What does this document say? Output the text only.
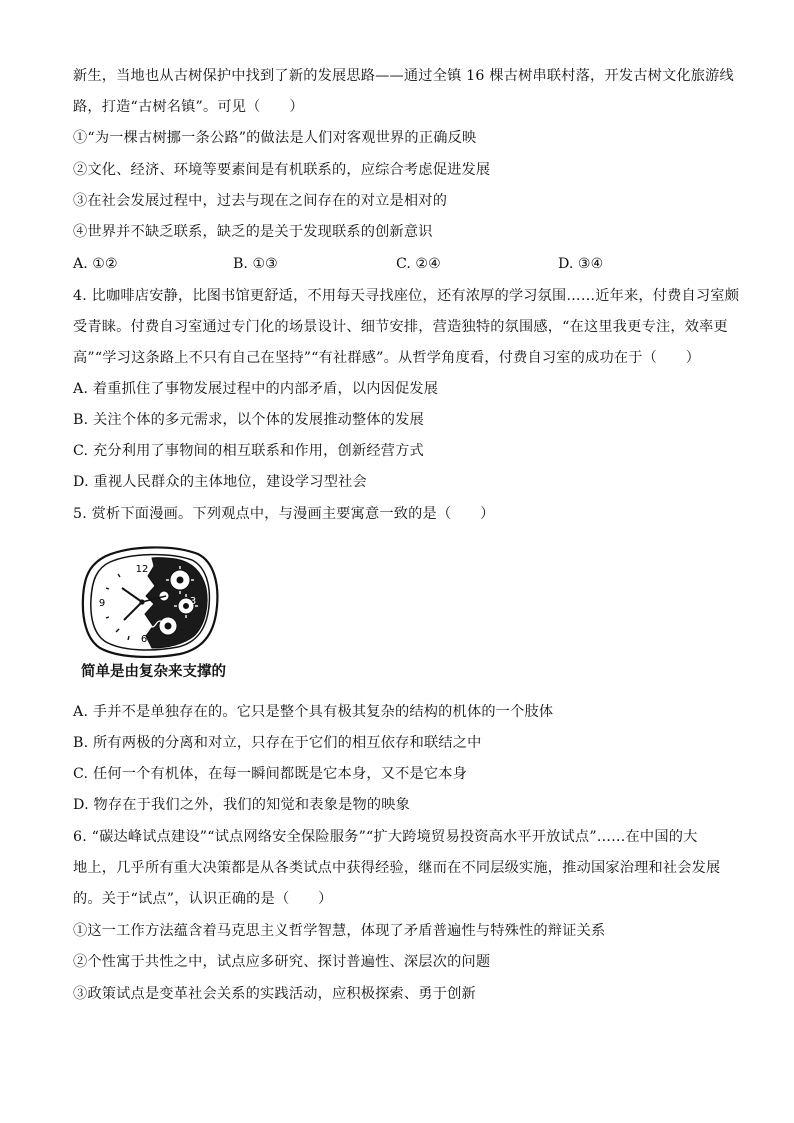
新生，当地也从古树保护中找到了新的发展思路——通过全镇 16 棵古树串联村落，开发古树文化旅游线
路，打造“古树名镇”。可见（　　）
①“为一棵古树挪一条公路”的做法是人们对客观世界的正确反映
②文化、经济、环境等要素间是有机联系的，应综合考虑促进发展
③在社会发展过程中，过去与现在之间存在的对立是相对的
④世界并不缺乏联系，缺乏的是关于发现联系的创新意识
A. ①②	B. ①③	C. ②④	D. ③④
4. 比咖啡店安静，比图书馆更舒适，不用每天寻找座位，还有浓厚的学习氛围……近年来，付费自习室颇
受青睐。付费自习室通过专门化的场景设计、细节安排，营造独特的氛围感，“在这里我更专注，效率更
高”“学习这条路上不只有自己在坚持”“有社群感”。从哲学角度看，付费自习室的成功在于（　　）
A. 着重抓住了事物发展过程中的内部矛盾，以内因促发展
B. 关注个体的多元需求，以个体的发展推动整体的发展
C. 充分利用了事物间的相互联系和作用，创新经营方式
D. 重视人民群众的主体地位，建设学习型社会
5. 赏析下面漫画。下列观点中，与漫画主要寓意一致的是（　　）
12
3
6
9
简单是由复杂来支撑的
A. 手并不是单独存在的。它只是整个具有极其复杂的结构的机体的一个肢体
B. 所有两极的分离和对立，只存在于它们的相互依存和联结之中
C. 任何一个有机体，在每一瞬间都既是它本身，又不是它本身
D. 物存在于我们之外，我们的知觉和表象是物的映象
6. “碳达峰试点建设”“试点网络安全保险服务”“扩大跨境贸易投资高水平开放试点”……在中国的大
地上，几乎所有重大决策都是从各类试点中获得经验，继而在不同层级实施，推动国家治理和社会发展
的。关于“试点”，认识正确的是（　　）
①这一工作方法蕴含着马克思主义哲学智慧，体现了矛盾普遍性与特殊性的辩证关系
②个性寓于共性之中，试点应多研究、探讨普遍性、深层次的问题
③政策试点是变革社会关系的实践活动，应积极探索、勇于创新
